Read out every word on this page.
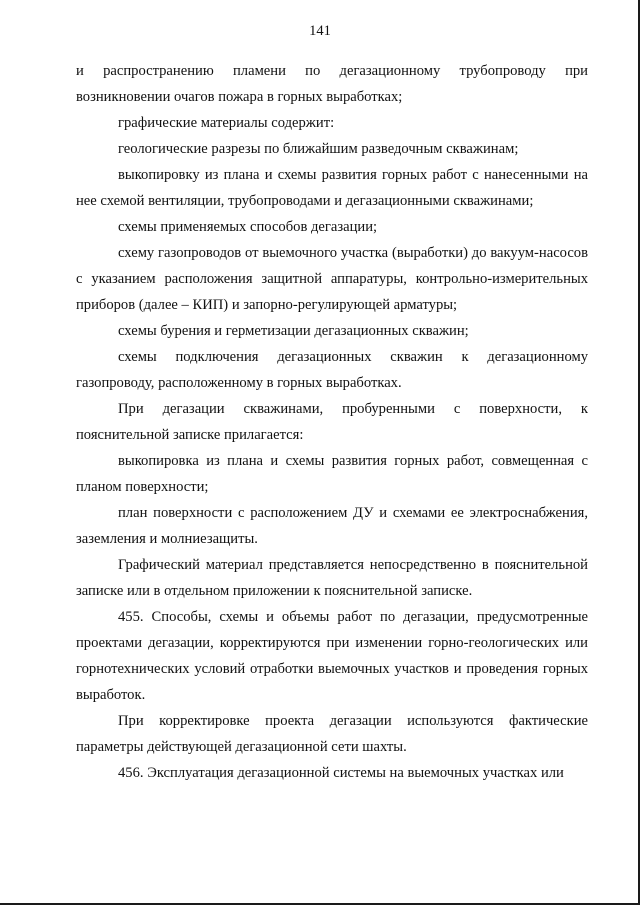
141

и распространению пламени по дегазационному трубопроводу при возникновении очагов пожара в горных выработках;

графические материалы содержит:

геологические разрезы по ближайшим разведочным скважинам;

выкопировку из плана и схемы развития горных работ с нанесенными на нее схемой вентиляции, трубопроводами и дегазационными скважинами;

схемы применяемых способов дегазации;

схему газопроводов от выемочного участка (выработки) до вакуум-насосов с указанием расположения защитной аппаратуры, контрольно-измерительных приборов (далее – КИП) и запорно-регулирующей арматуры;

схемы бурения и герметизации дегазационных скважин;

схемы подключения дегазационных скважин к дегазационному газопроводу, расположенному в горных выработках.

При дегазации скважинами, пробуренными с поверхности, к пояснительной записке прилагается:

выкопировка из плана и схемы развития горных работ, совмещенная с планом поверхности;

план поверхности с расположением ДУ и схемами ее электроснабжения, заземления и молниезащиты.

Графический материал представляется непосредственно в пояснительной записке или в отдельном приложении к пояснительной записке.

455. Способы, схемы и объемы работ по дегазации, предусмотренные проектами дегазации, корректируются при изменении горно-геологических или горнотехнических условий отработки выемочных участков и проведения горных выработок.

При корректировке проекта дегазации используются фактические параметры действующей дегазационной сети шахты.

456. Эксплуатация дегазационной системы на выемочных участках или
